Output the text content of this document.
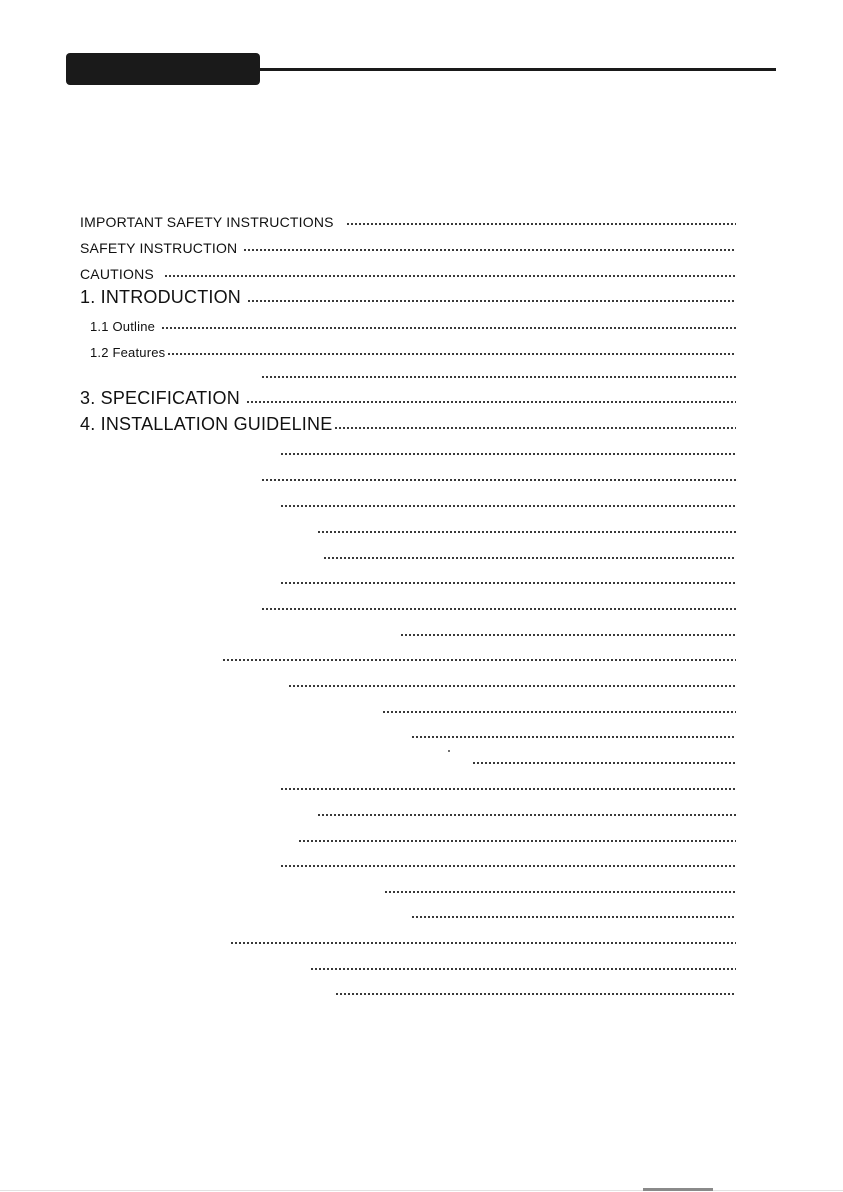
IMPORTANT SAFETY INSTRUCTIONS
SAFETY INSTRUCTION
CAUTIONS
1. INTRODUCTION
1.1 Outline
1.2 Features
3. SPECIFICATION
4. INSTALLATION GUIDELINE
